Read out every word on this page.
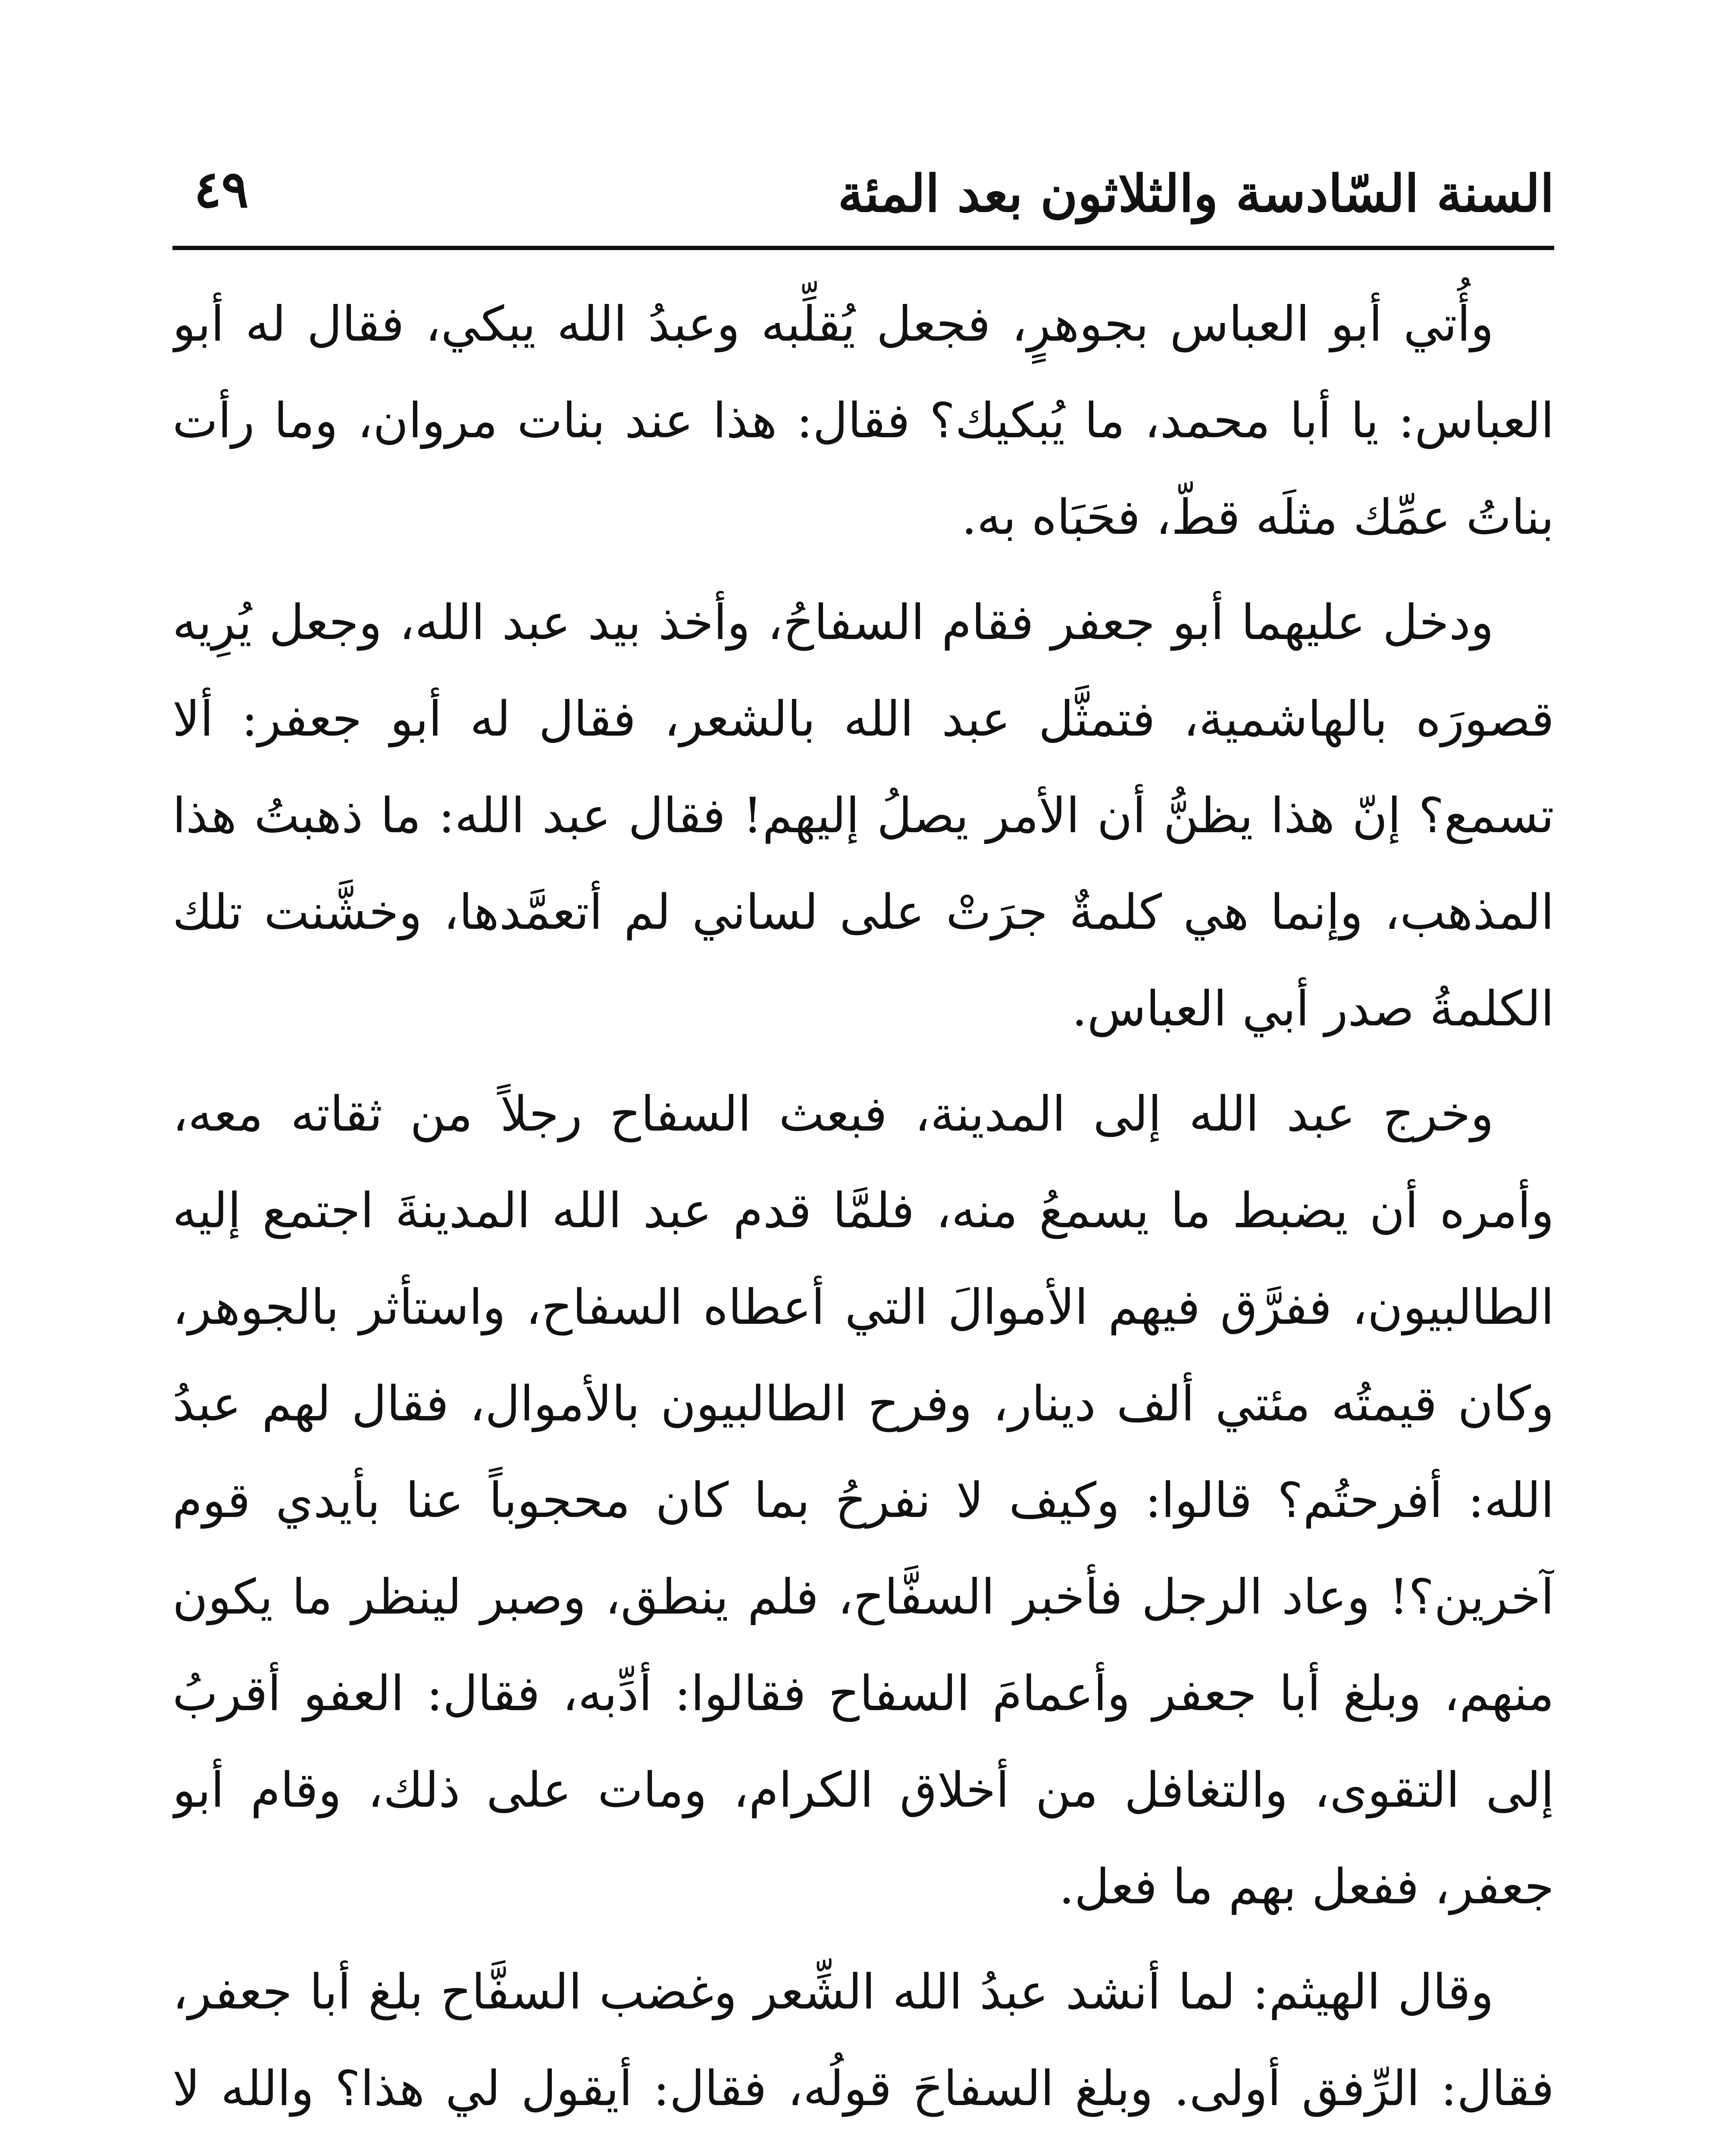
٤٩	السنة السّادسة والثلاثون بعد المئة

وأُتي أبو العباس بجوهرٍ، فجعل يُقلِّبه وعبدُ الله يبكي، فقال له أبو العباس: يا أبا محمد، ما يُبكيك؟ فقال: هذا عند بنات مروان، وما رأت بناتُ عمِّك مثلَه قطّ، فحَبَاه به.

ودخل عليهما أبو جعفر فقام السفاحُ، وأخذ بيد عبد الله، وجعل يُرِيه قصورَه بالهاشمية، فتمثَّل عبد الله بالشعر، فقال له أبو جعفر: ألا تسمع؟ إنّ هذا يظنُّ أن الأمر يصلُ إليهم! فقال عبد الله: ما ذهبتُ هذا المذهب، وإنما هي كلمةٌ جرَتْ على لساني لم أتعمَّدها، وخشَّنت تلك الكلمةُ صدر أبي العباس.

وخرج عبد الله إلى المدينة، فبعث السفاح رجلاً من ثقاته معه، وأمره أن يضبط ما يسمعُ منه، فلمَّا قدم عبد الله المدينةَ اجتمع إليه الطالبيون، ففرَّق فيهم الأموالَ التي أعطاه السفاح، واستأثر بالجوهر، وكان قيمتُه مئتي ألف دينار، وفرح الطالبيون بالأموال، فقال لهم عبدُ الله: أفرحتُم؟ قالوا: وكيف لا نفرحُ بما كان محجوباً عنا بأيدي قوم آخرين؟! وعاد الرجل فأخبر السفَّاح، فلم ينطق، وصبر لينظر ما يكون منهم، وبلغ أبا جعفر وأعمامَ السفاح فقالوا: أدِّبه، فقال: العفو أقربُ إلى التقوى، والتغافل من أخلاق الكرام، ومات على ذلك، وقام أبو جعفر، ففعل بهم ما فعل.

وقال الهيثم: لما أنشد عبدُ الله الشِّعر وغضب السفَّاح بلغ أبا جعفر، فقال: الرِّفق أولى. وبلغ السفاحَ قولُه، فقال: أيقول لي هذا؟ والله لا
